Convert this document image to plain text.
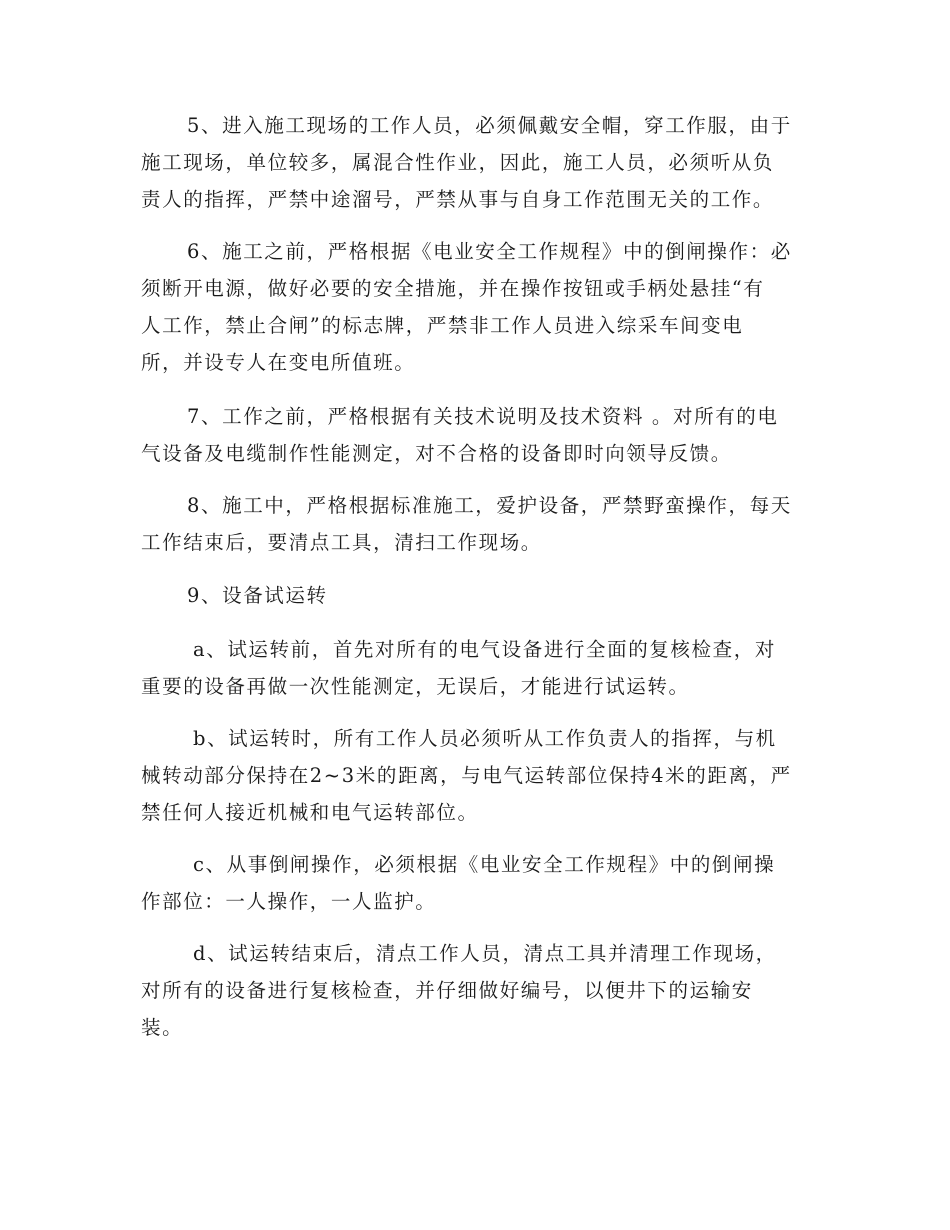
5、进入施工现场的工作人员，必须佩戴安全帽，穿工作服，由于
施工现场，单位较多，属混合性作业，因此，施工人员，必须听从负
责人的指挥，严禁中途溜号，严禁从事与自身工作范围无关的工作。
6、施工之前，严格根据《电业安全工作规程》中的倒闸操作：必
须断开电源，做好必要的安全措施，并在操作按钮或手柄处悬挂“有
人工作，禁止合闸”的标志牌，严禁非工作人员进入综采车间变电
所，并设专人在变电所值班。
7、工作之前，严格根据有关技术说明及技术资料 。对所有的电
气设备及电缆制作性能测定，对不合格的设备即时向领导反馈。
8、施工中，严格根据标准施工，爱护设备，严禁野蛮操作，每天
工作结束后，要清点工具，清扫工作现场。
9、设备试运转
a、试运转前，首先对所有的电气设备进行全面的复核检查，对
重要的设备再做一次性能测定，无误后，才能进行试运转。
b、试运转时，所有工作人员必须听从工作负责人的指挥，与机
械转动部分保持在2~3米的距离，与电气运转部位保持4米的距离，严
禁任何人接近机械和电气运转部位。
c、从事倒闸操作，必须根据《电业安全工作规程》中的倒闸操
作部位：一人操作，一人监护。
d、试运转结束后，清点工作人员，清点工具并清理工作现场，
对所有的设备进行复核检查，并仔细做好编号，以便井下的运输安
装。
